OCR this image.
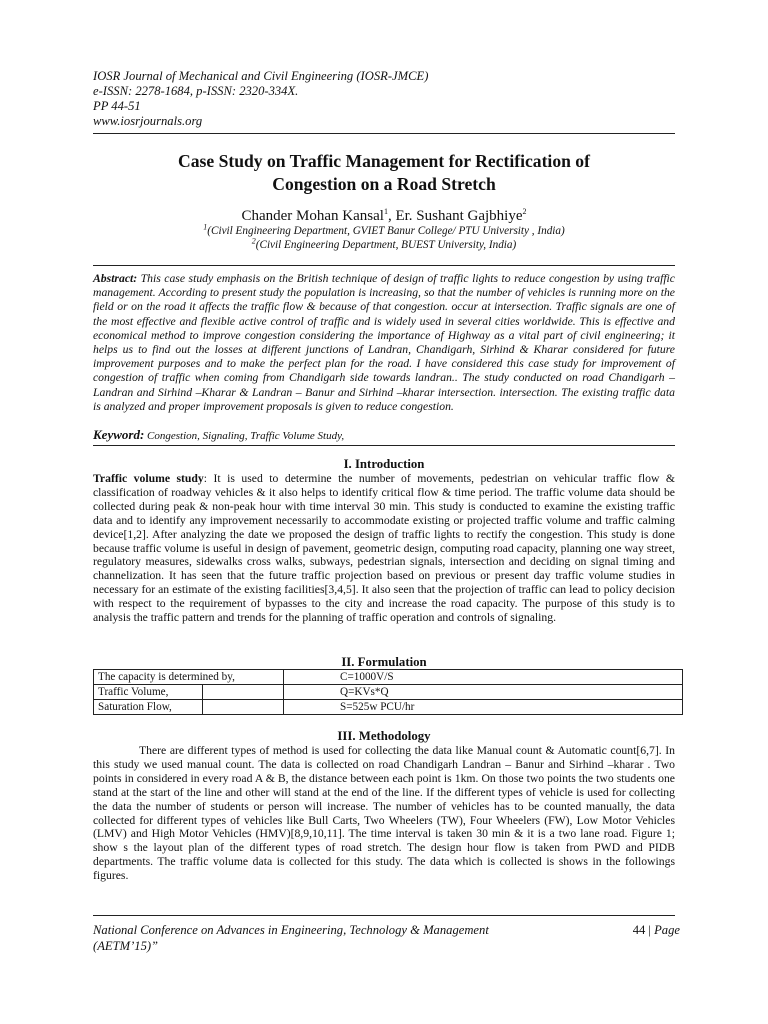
IOSR Journal of Mechanical and Civil Engineering (IOSR-JMCE)
e-ISSN: 2278-1684, p-ISSN: 2320-334X.
PP 44-51
www.iosrjournals.org
Case Study on Traffic Management for Rectification of
Congestion on a Road Stretch
Chander Mohan Kansal$^1$, Er. Sushant Gajbhiye$^2$
$^1$(Civil Engineering Department, GVIET Banur College/ PTU University , India)
$^2$(Civil Engineering Department, BUEST University, India)
Abstract: This case study emphasis on the British technique of design of traffic lights to reduce congestion by using traffic management. According to present study the population is increasing, so that the number of vehicles is running more on the field or on the road it affects the traffic flow & because of that congestion. occur at intersection. Traffic signals are one of the most effective and flexible active control of traffic and is widely used in several cities worldwide. This is effective and economical method to improve congestion considering the importance of Highway as a vital part of civil engineering; it helps us to find out the losses at different junctions of Landran, Chandigarh, Sirhind & Kharar considered for future improvement purposes and to make the perfect plan for the road. I have considered this case study for improvement of congestion of traffic when coming from Chandigarh side towards landran.. The study conducted on road Chandigarh –Landran and Sirhind –Kharar & Landran – Banur and Sirhind –kharar intersection. intersection. The existing traffic data is analyzed and proper improvement proposals is given to reduce congestion.
Keyword: Congestion, Signaling, Traffic Volume Study,
I. Introduction
Traffic volume study: It is used to determine the number of movements, pedestrian on vehicular traffic flow & classification of roadway vehicles & it also helps to identify critical flow & time period. The traffic volume data should be collected during peak & non-peak hour with time interval 30 min. This study is conducted to examine the existing traffic data and to identify any improvement necessarily to accommodate existing or projected traffic volume and traffic calming device[1,2]. After analyzing the date we proposed the design of traffic lights to rectify the congestion. This study is done because traffic volume is useful in design of pavement, geometric design, computing road capacity, planning one way street, regulatory measures, sidewalks cross walks, subways, pedestrian signals, intersection and deciding on signal timing and channelization. It has seen that the future traffic projection based on previous or present day traffic volume studies in necessary for an estimate of the existing facilities[3,4,5]. It also seen that the projection of traffic can lead to policy decision with respect to the requirement of bypasses to the city and increase the road capacity. The purpose of this study is to analysis the traffic pattern and trends for the planning of traffic operation and controls of signaling.
II. Formulation
The capacity is determined by,		C=1000V/S
Traffic Volume,		Q=KVs*Q
Saturation Flow,		S=525w PCU/hr
III. Methodology
There are different types of method is used for collecting the data like Manual count & Automatic count[6,7]. In this study we used manual count. The data is collected on road Chandigarh Landran – Banur and Sirhind –kharar . Two points in considered in every road A & B, the distance between each point is 1km. On those two points the two students one stand at the start of the line and other will stand at the end of the line. If the different types of vehicle is used for collecting the data the number of students or person will increase. The number of vehicles has to be counted manually, the data collected for different types of vehicles like Bull Carts, Two Wheelers (TW), Four Wheelers (FW), Low Motor Vehicles (LMV) and High Motor Vehicles (HMV)[8,9,10,11]. The time interval is taken 30 min & it is a two lane road. Figure 1; show s the layout plan of the different types of road stretch. The design hour flow is taken from PWD and PIDB departments. The traffic volume data is collected for this study. The data which is collected is shows in the followings figures.
National Conference on Advances in Engineering, Technology & Management
(AETM’15)”
44 | Page
